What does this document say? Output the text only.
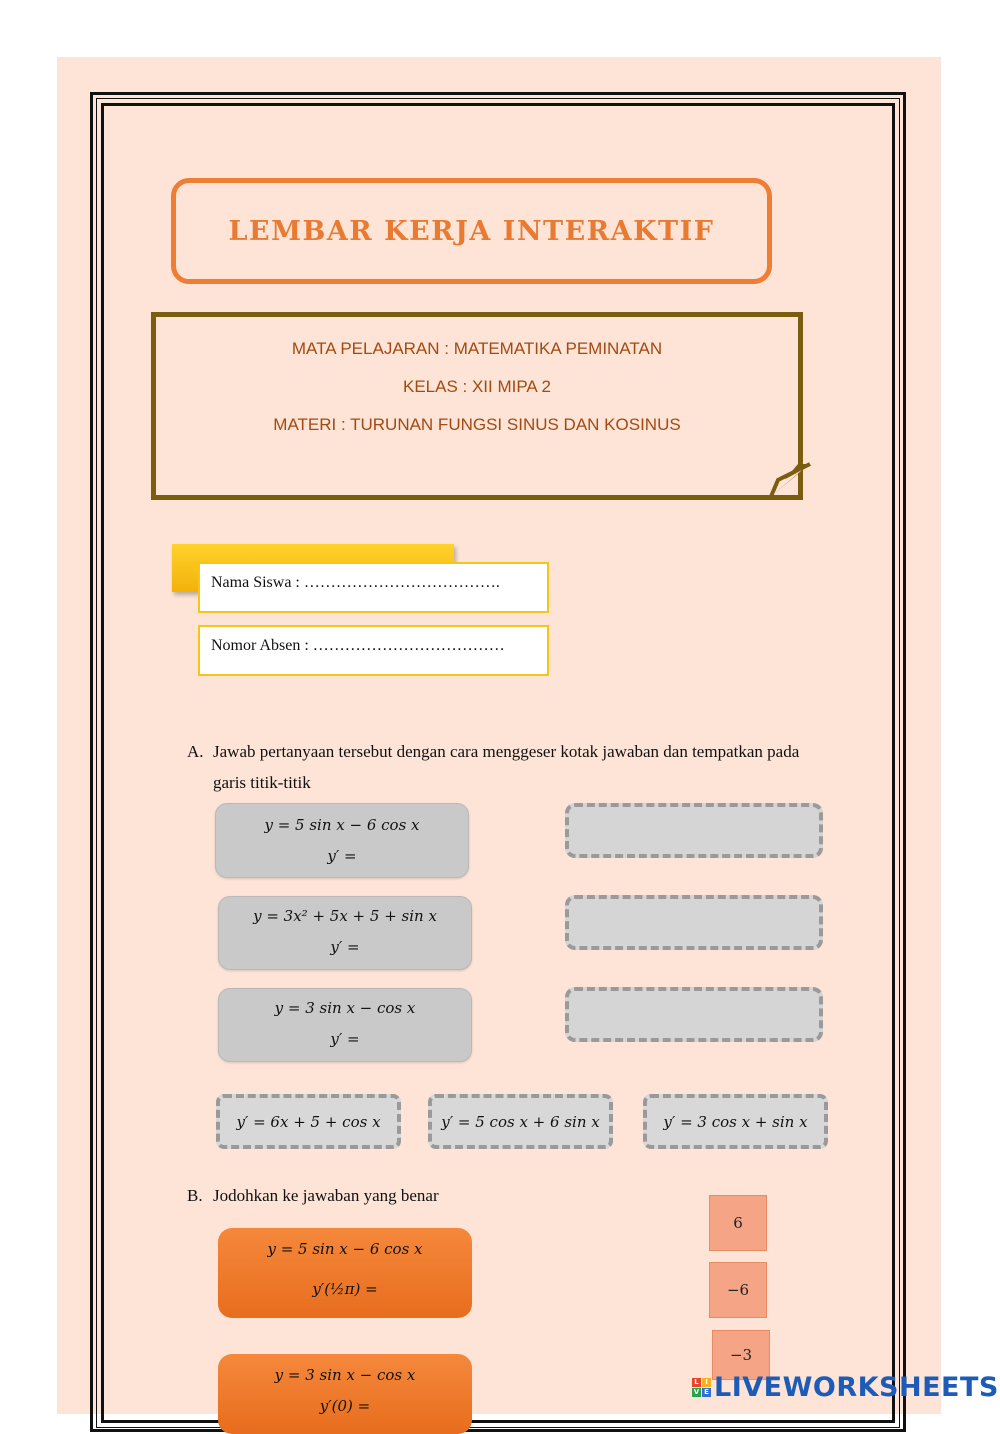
LEMBAR KERJA INTERAKTIF
MATA PELAJARAN : MATEMATIKA PEMINATAN
KELAS : XII MIPA 2
MATERI : TURUNAN FUNGSI SINUS DAN KOSINUS
Nama Siswa : ……………………………….
Nomor Absen : ………………………………
A. Jawab pertanyaan tersebut dengan cara menggeser kotak jawaban dan tempatkan pada
garis titik-titik
y = 5 sin x − 6 cos x
y′ =
y = 3x² + 5x + 5 + sin x
y′ =
y = 3 sin x − cos x
y′ =
y′ = 6x + 5 + cos x	y′ = 5 cos x + 6 sin x	y′ = 3 cos x + sin x
B. Jodohkan ke jawaban yang benar
y = 5 sin x − 6 cos x
y′(½π) =
y = 3 sin x − cos x
y′(0) =
6
−6
−3
L I
V E LIVEWORKSHEETS
